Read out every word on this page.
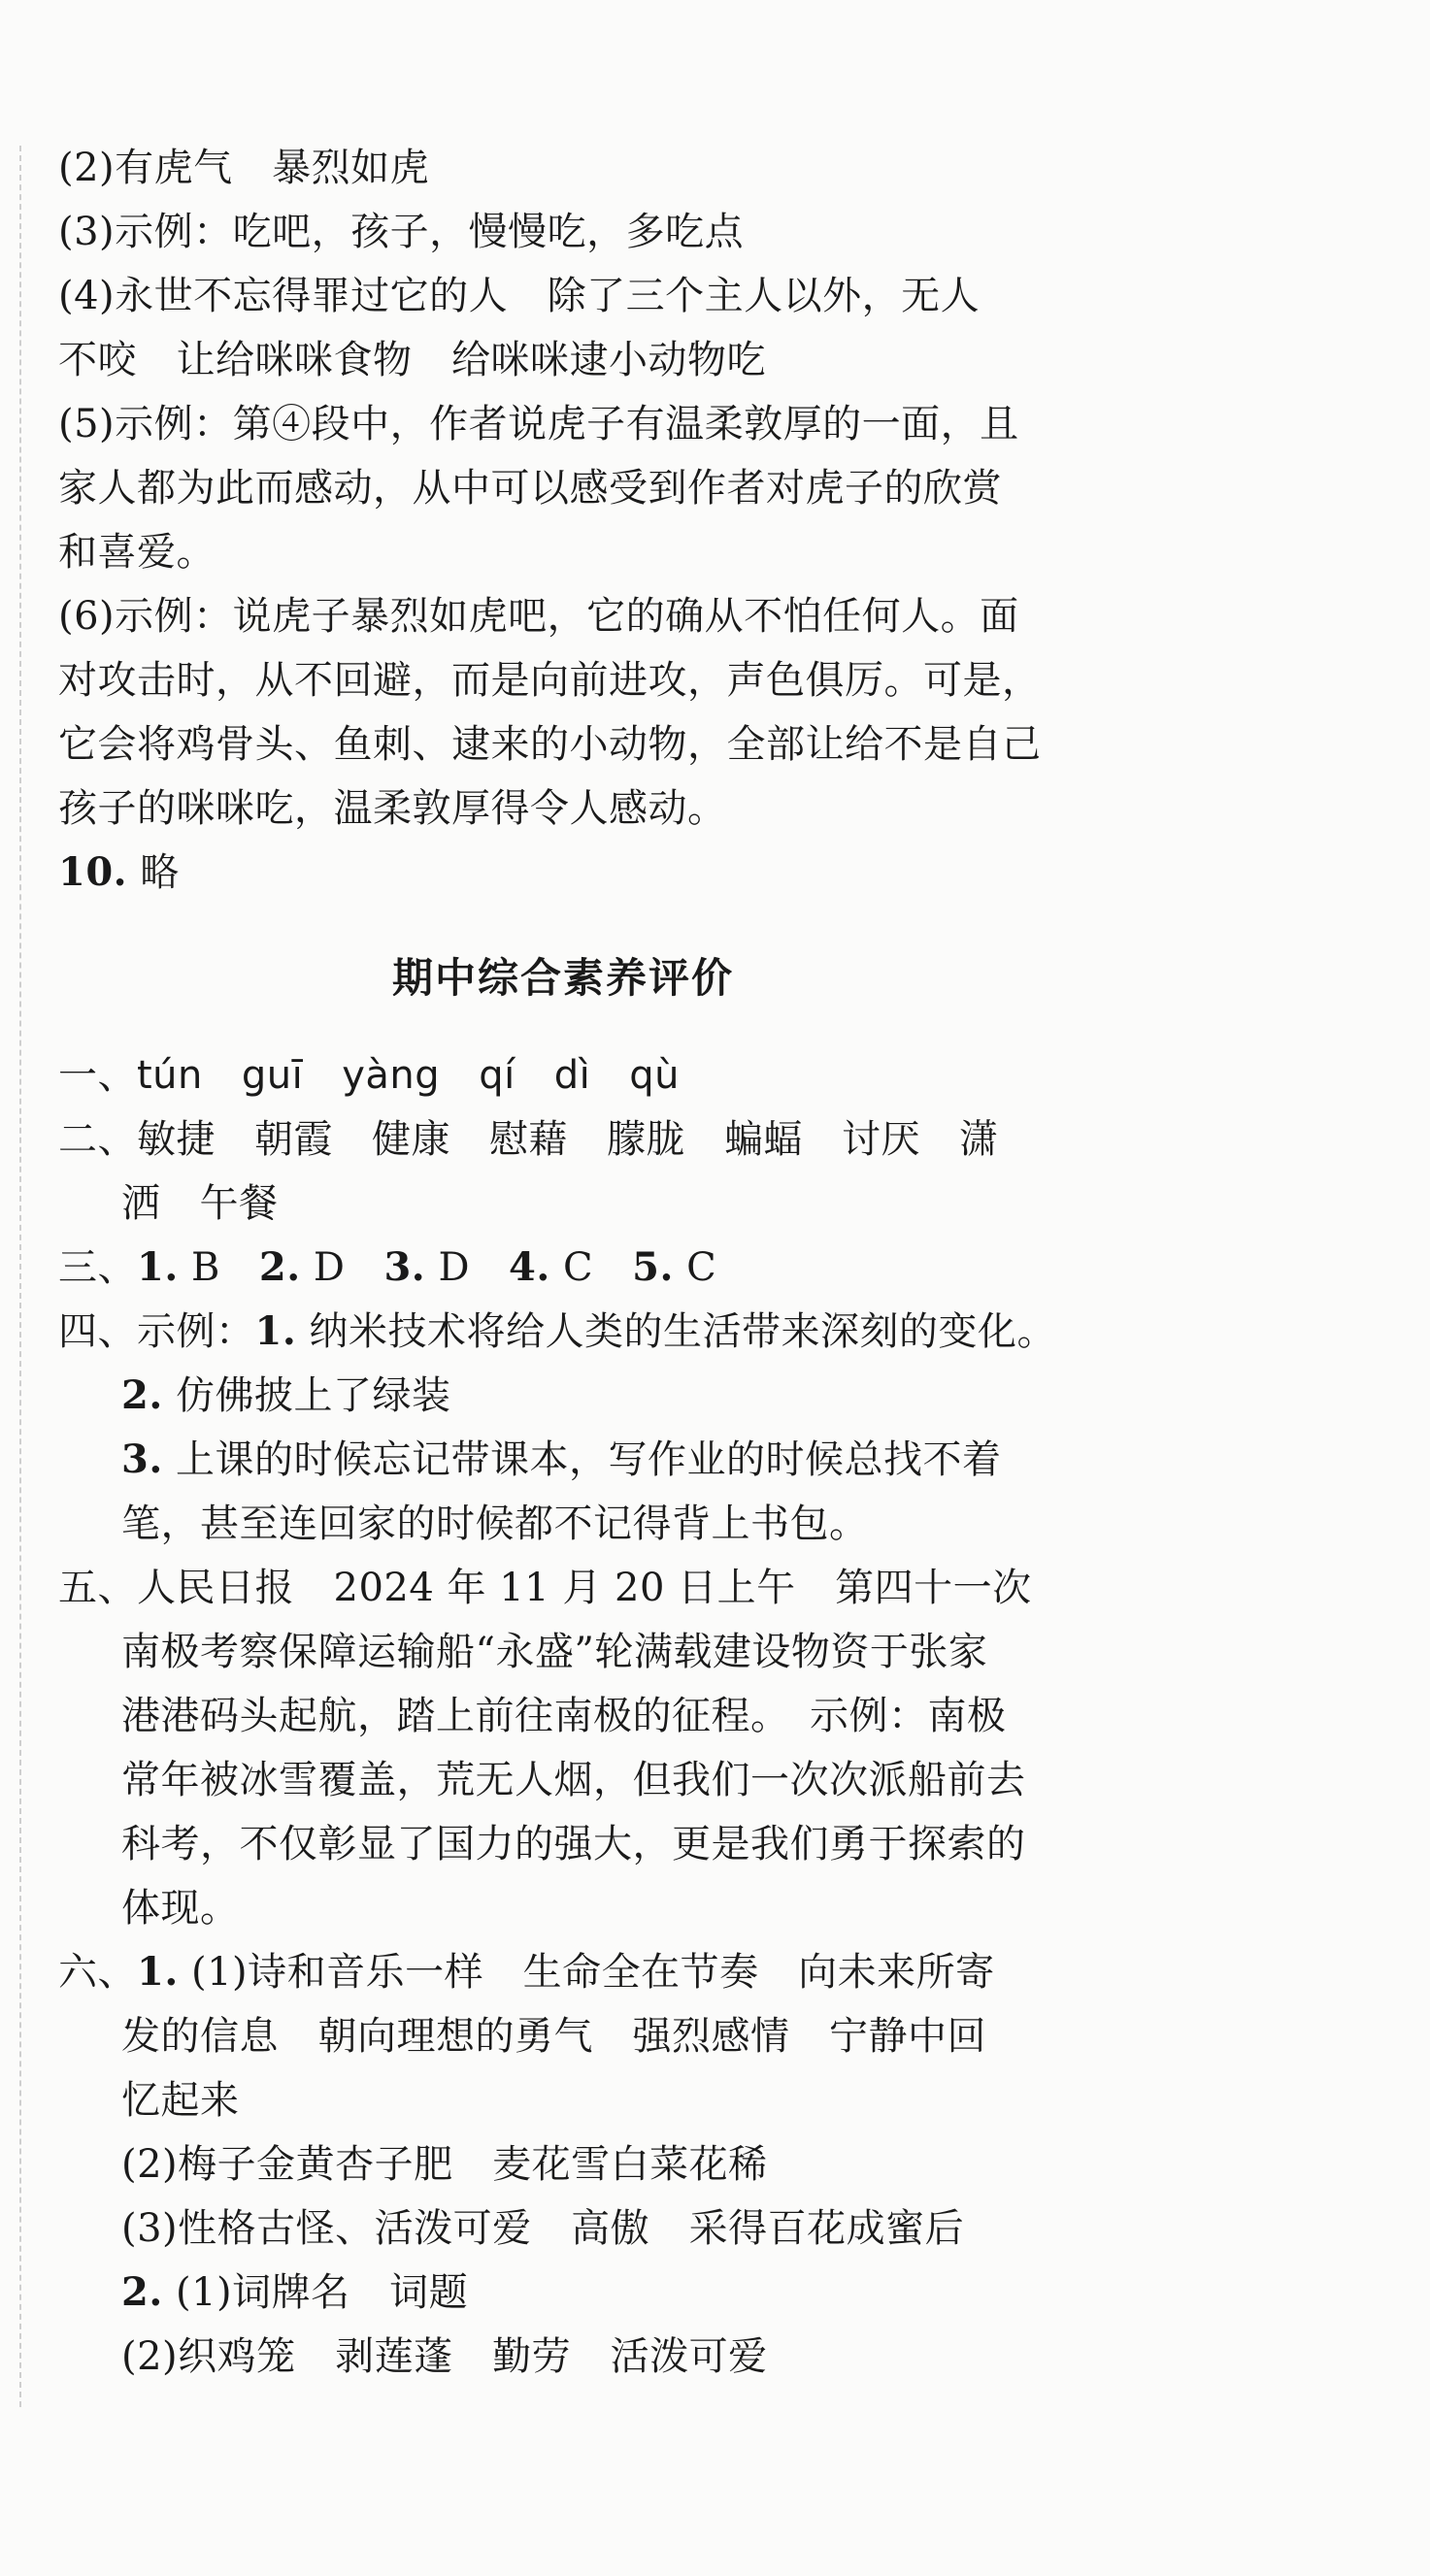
(2)有虎气　暴烈如虎
(3)示例：吃吧，孩子，慢慢吃，多吃点
(4)永世不忘得罪过它的人　除了三个主人以外，无人
不咬　让给咪咪食物　给咪咪逮小动物吃
(5)示例：第④段中，作者说虎子有温柔敦厚的一面，且
家人都为此而感动，从中可以感受到作者对虎子的欣赏
和喜爱。
(6)示例：说虎子暴烈如虎吧，它的确从不怕任何人。面
对攻击时，从不回避，而是向前进攻，声色俱厉。可是，
它会将鸡骨头、鱼刺、逮来的小动物，全部让给不是自己
孩子的咪咪吃，温柔敦厚得令人感动。
10. 略
期中综合素养评价
一、tún guī yàng qí dì qù
二、敏捷 朝霞 健康 慰藉 朦胧 蝙蝠 讨厌 潇
洒 午餐
三、1. B 2. D 3. D 4. C 5. C
四、示例：1. 纳米技术将给人类的生活带来深刻的变化。
2. 仿佛披上了绿装
3. 上课的时候忘记带课本，写作业的时候总找不着
笔，甚至连回家的时候都不记得背上书包。
五、人民日报　2024 年 11 月 20 日上午　第四十一次
南极考察保障运输船“永盛”轮满载建设物资于张家
港港码头起航，踏上前往南极的征程。　示例：南极
常年被冰雪覆盖，荒无人烟，但我们一次次派船前去
科考，不仅彰显了国力的强大，更是我们勇于探索的
体现。
六、1. (1)诗和音乐一样　生命全在节奏　向未来所寄
发的信息　朝向理想的勇气　强烈感情　宁静中回
忆起来
(2)梅子金黄杏子肥　麦花雪白菜花稀
(3)性格古怪、活泼可爱　高傲　采得百花成蜜后
2. (1)词牌名　词题
(2)织鸡笼　剥莲蓬　勤劳　活泼可爱
